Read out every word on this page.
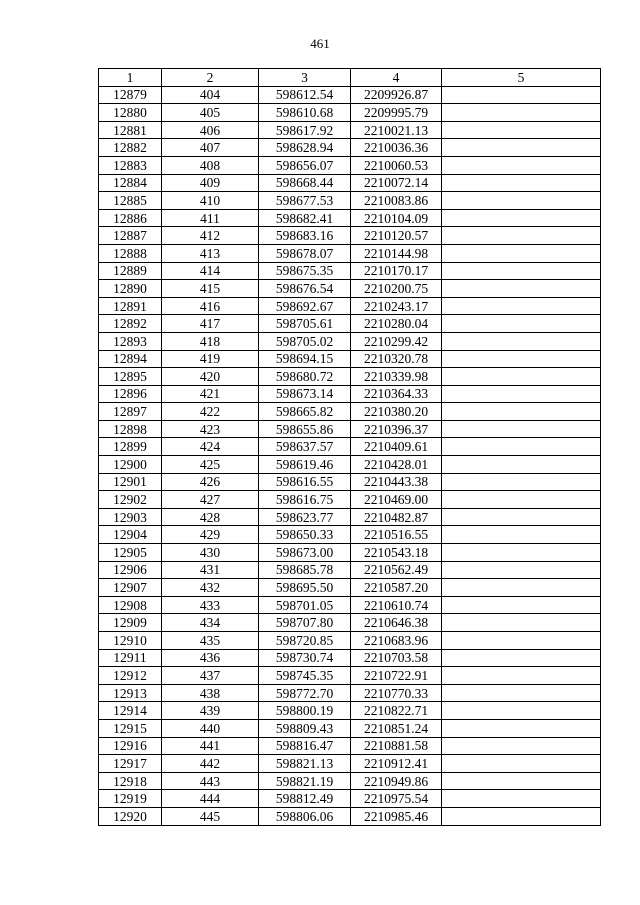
461
1	2	3	4	5
12879	404	598612.54	2209926.87	
12880	405	598610.68	2209995.79	
12881	406	598617.92	2210021.13	
12882	407	598628.94	2210036.36	
12883	408	598656.07	2210060.53	
12884	409	598668.44	2210072.14	
12885	410	598677.53	2210083.86	
12886	411	598682.41	2210104.09	
12887	412	598683.16	2210120.57	
12888	413	598678.07	2210144.98	
12889	414	598675.35	2210170.17	
12890	415	598676.54	2210200.75	
12891	416	598692.67	2210243.17	
12892	417	598705.61	2210280.04	
12893	418	598705.02	2210299.42	
12894	419	598694.15	2210320.78	
12895	420	598680.72	2210339.98	
12896	421	598673.14	2210364.33	
12897	422	598665.82	2210380.20	
12898	423	598655.86	2210396.37	
12899	424	598637.57	2210409.61	
12900	425	598619.46	2210428.01	
12901	426	598616.55	2210443.38	
12902	427	598616.75	2210469.00	
12903	428	598623.77	2210482.87	
12904	429	598650.33	2210516.55	
12905	430	598673.00	2210543.18	
12906	431	598685.78	2210562.49	
12907	432	598695.50	2210587.20	
12908	433	598701.05	2210610.74	
12909	434	598707.80	2210646.38	
12910	435	598720.85	2210683.96	
12911	436	598730.74	2210703.58	
12912	437	598745.35	2210722.91	
12913	438	598772.70	2210770.33	
12914	439	598800.19	2210822.71	
12915	440	598809.43	2210851.24	
12916	441	598816.47	2210881.58	
12917	442	598821.13	2210912.41	
12918	443	598821.19	2210949.86	
12919	444	598812.49	2210975.54	
12920	445	598806.06	2210985.46	
